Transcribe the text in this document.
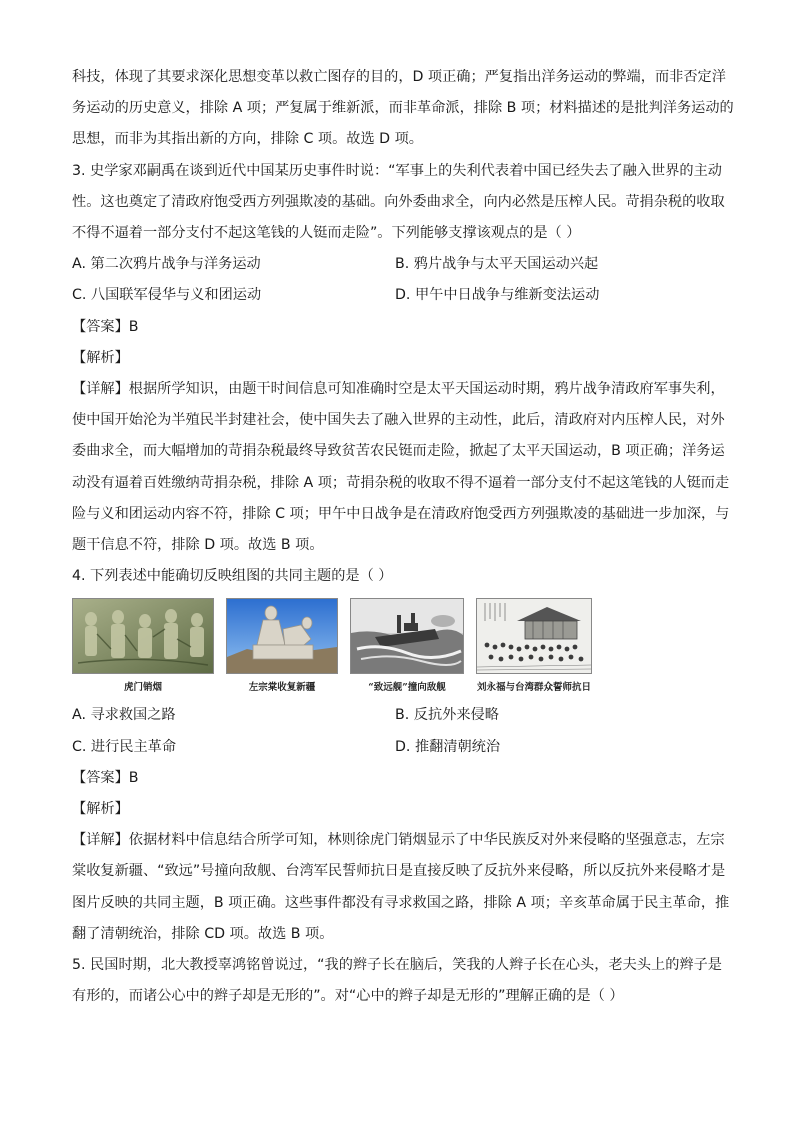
科技，体现了其要求深化思想变革以救亡图存的目的，D 项正确；严复指出洋务运动的弊端，而非否定洋

务运动的历史意义，排除 A 项；严复属于维新派，而非革命派，排除 B 项；材料描述的是批判洋务运动的

思想，而非为其指出新的方向，排除 C 项。故选 D 项。

3. 史学家邓嗣禹在谈到近代中国某历史事件时说：“军事上的失利代表着中国已经失去了融入世界的主动

性。这也奠定了清政府饱受西方列强欺凌的基础。向外委曲求全，向内必然是压榨人民。苛捐杂税的收取

不得不逼着一部分支付不起这笔钱的人铤而走险”。下列能够支撑该观点的是（ ）

A. 第二次鸦片战争与洋务运动	B. 鸦片战争与太平天国运动兴起
C. 八国联军侵华与义和团运动	D. 甲午中日战争与维新变法运动

【答案】B

【解析】

【详解】根据所学知识，由题干时间信息可知准确时空是太平天国运动时期，鸦片战争清政府军事失利，

使中国开始沦为半殖民半封建社会，使中国失去了融入世界的主动性，此后，清政府对内压榨人民，对外

委曲求全，而大幅增加的苛捐杂税最终导致贫苦农民铤而走险，掀起了太平天国运动，B 项正确；洋务运

动没有逼着百姓缴纳苛捐杂税，排除 A 项；苛捐杂税的收取不得不逼着一部分支付不起这笔钱的人铤而走

险与义和团运动内容不符，排除 C 项；甲午中日战争是在清政府饱受西方列强欺凌的基础进一步加深，与

题干信息不符，排除 D 项。故选 B 项。

4. 下列表述中能确切反映组图的共同主题的是（ ）

虎门销烟	左宗棠收复新疆	“致远舰”撞向敌舰	刘永福与台湾群众誓师抗日
A. 寻求救国之路	B. 反抗外来侵略
C. 进行民主革命	D. 推翻清朝统治

【答案】B

【解析】

【详解】依据材料中信息结合所学可知，林则徐虎门销烟显示了中华民族反对外来侵略的坚强意志，左宗

棠收复新疆、“致远”号撞向敌舰、台湾军民誓师抗日是直接反映了反抗外来侵略，所以反抗外来侵略才是

图片反映的共同主题，B 项正确。这些事件都没有寻求救国之路，排除 A 项；辛亥革命属于民主革命，推

翻了清朝统治，排除 CD 项。故选 B 项。

5. 民国时期，北大教授辜鸿铭曾说过，“我的辫子长在脑后，笑我的人辫子长在心头，老夫头上的辫子是

有形的，而诸公心中的辫子却是无形的”。对“心中的辫子却是无形的”理解正确的是（ ）
